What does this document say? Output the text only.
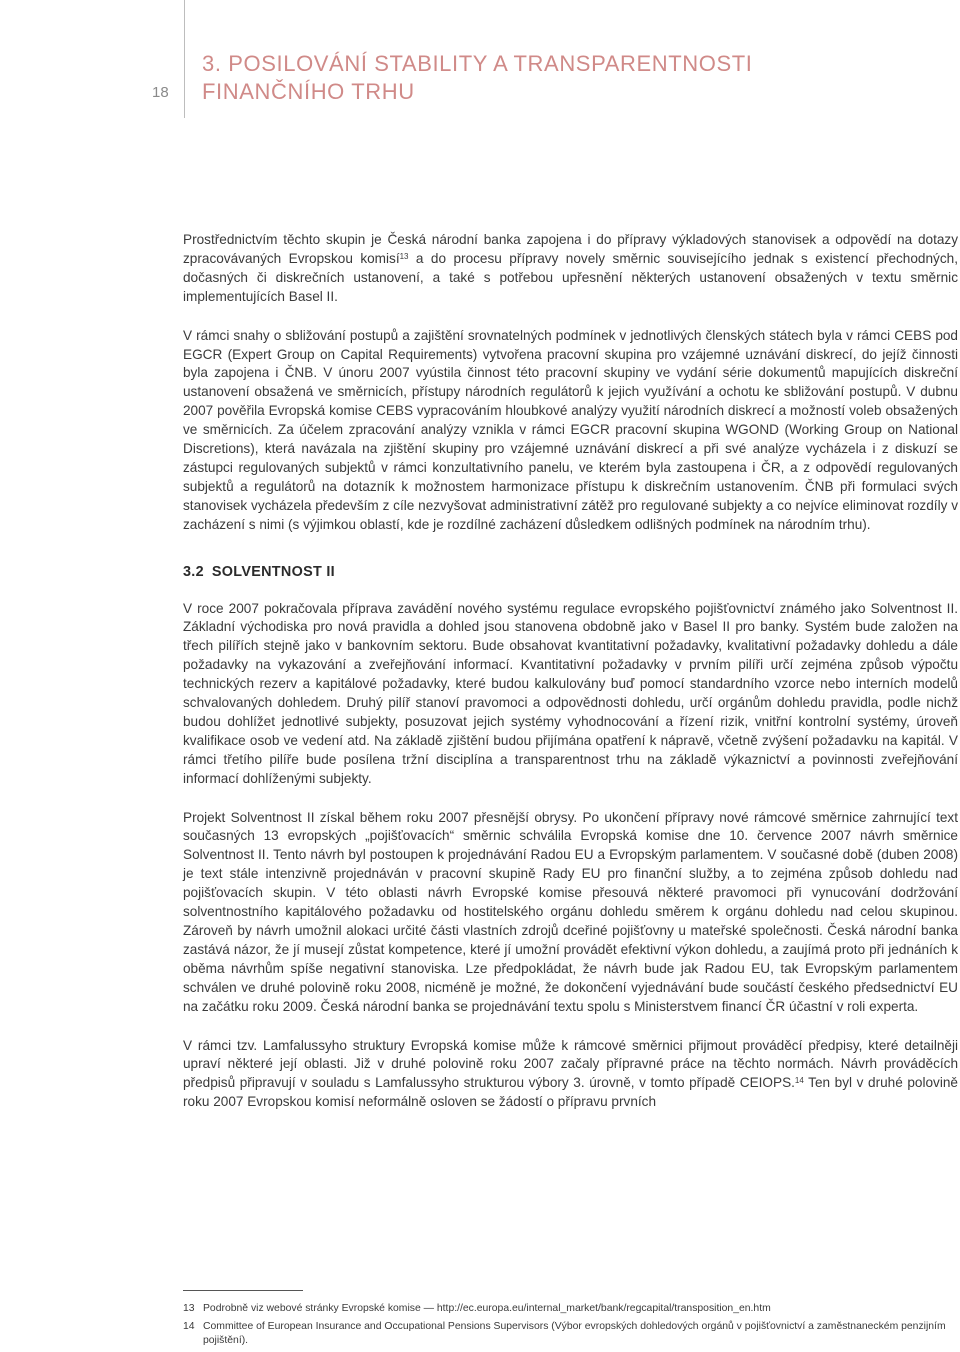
18
3. POSILOVÁNÍ STABILITY A TRANSPARENTNOSTI
FINANČNÍHO TRHU

Prostřednictvím těchto skupin je Česká národní banka zapojena i do přípravy výkladových stanovisek a odpovědí na dotazy zpracovávaných Evropskou komisí$^{13}$ a do procesu přípravy novely směrnic souvisejícího jednak s existencí přechodných, dočasných či diskrečních ustanovení, a také s potřebou upřesnění některých ustanovení obsažených v textu směrnic implementujících Basel II.

V rámci snahy o sbližování postupů a zajištění srovnatelných podmínek v jednotlivých členských státech byla v rámci CEBS pod EGCR (Expert Group on Capital Requirements) vytvořena pracovní skupina pro vzájemné uznávání diskrecí, do jejíž činnosti byla zapojena i ČNB. V únoru 2007 vyústila činnost této pracovní skupiny ve vydání série dokumentů mapujících diskreční ustanovení obsažená ve směrnicích, přístupy národních regulátorů k jejich využívání a ochotu ke sbližování postupů. V dubnu 2007 pověřila Evropská komise CEBS vypracováním hloubkové analýzy využití národních diskrecí a možností voleb obsažených ve směrnicích. Za účelem zpracování analýzy vznikla v rámci EGCR pracovní skupina WGOND (Working Group on National Discretions), která navázala na zjištění skupiny pro vzájemné uznávání diskrecí a při své analýze vycházela i z diskuzí se zástupci regulovaných subjektů v rámci konzultativního panelu, ve kterém byla zastoupena i ČR, a z odpovědí regulovaných subjektů a regulátorů na dotazník k možnostem harmonizace přístupu k diskrečním ustanovením. ČNB při formulaci svých stanovisek vycházela především z cíle nezvyšovat administrativní zátěž pro regulované subjekty a co nejvíce eliminovat rozdíly v zacházení s nimi (s výjimkou oblastí, kde je rozdílné zacházení důsledkem odlišných podmínek na národním trhu).

3.2 SOLVENTNOST II

V roce 2007 pokračovala příprava zavádění nového systému regulace evropského pojišťovnictví známého jako Solventnost II. Základní východiska pro nová pravidla a dohled jsou stanovena obdobně jako v Basel II pro banky. Systém bude založen na třech pilířích stejně jako v bankovním sektoru. Bude obsahovat kvantitativní požadavky, kvalitativní požadavky dohledu a dále požadavky na vykazování a zveřejňování informací. Kvantitativní požadavky v prvním pilíři určí zejména způsob výpočtu technických rezerv a kapitálové požadavky, které budou kalkulovány buď pomocí standardního vzorce nebo interních modelů schvalovaných dohledem. Druhý pilíř stanoví pravomoci a odpovědnosti dohledu, určí orgánům dohledu pravidla, podle nichž budou dohlížet jednotlivé subjekty, posuzovat jejich systémy vyhodnocování a řízení rizik, vnitřní kontrolní systémy, úroveň kvalifikace osob ve vedení atd. Na základě zjištění budou přijímána opatření k nápravě, včetně zvýšení požadavku na kapitál. V rámci třetího pilíře bude posílena tržní disciplína a transparentnost trhu na základě výkaznictví a povinnosti zveřejňování informací dohlíženými subjekty.

Projekt Solventnost II získal během roku 2007 přesnější obrysy. Po ukončení přípravy nové rámcové směrnice zahrnující text současných 13 evropských „pojišťovacích“ směrnic schválila Evropská komise dne 10. července 2007 návrh směrnice Solventnost II. Tento návrh byl postoupen k projednávání Radou EU a Evropským parlamentem. V současné době (duben 2008) je text stále intenzivně projednáván v pracovní skupině Rady EU pro finanční služby, a to zejména způsob dohledu nad pojišťovacích skupin. V této oblasti návrh Evropské komise přesouvá některé pravomoci při vynucování dodržování solventnostního kapitálového požadavku od hostitelského orgánu dohledu směrem k orgánu dohledu nad celou skupinou. Zároveň by návrh umožnil alokaci určité části vlastních zdrojů dceřiné pojišťovny u mateřské společnosti. Česká národní banka zastává názor, že jí musejí zůstat kompetence, které jí umožní provádět efektivní výkon dohledu, a zaujímá proto při jednáních k oběma návrhům spíše negativní stanoviska. Lze předpokládat, že návrh bude jak Radou EU, tak Evropským parlamentem schválen ve druhé polovině roku 2008, nicméně je možné, že dokončení vyjednávání bude součástí českého předsednictví EU na začátku roku 2009. Česká národní banka se projednávání textu spolu s Ministerstvem financí ČR účastní v roli experta.

V rámci tzv. Lamfalussyho struktury Evropská komise může k rámcové směrnici přijmout prováděcí předpisy, které detailněji upraví některé její oblasti. Již v druhé polovině roku 2007 začaly přípravné práce na těchto normách. Návrh prováděcích předpisů připravují v souladu s Lamfalussyho strukturou výbory 3. úrovně, v tomto případě CEIOPS.$^{14}$ Ten byl v druhé polovině roku 2007 Evropskou komisí neformálně osloven se žádostí o přípravu prvních

13 Podrobně viz webové stránky Evropské komise — http://ec.europa.eu/internal_market/bank/regcapital/transposition_en.htm
14 Committee of European Insurance and Occupational Pensions Supervisors (Výbor evropských dohledových orgánů v pojišťovnictví a zaměstnaneckém penzijním pojištění).
